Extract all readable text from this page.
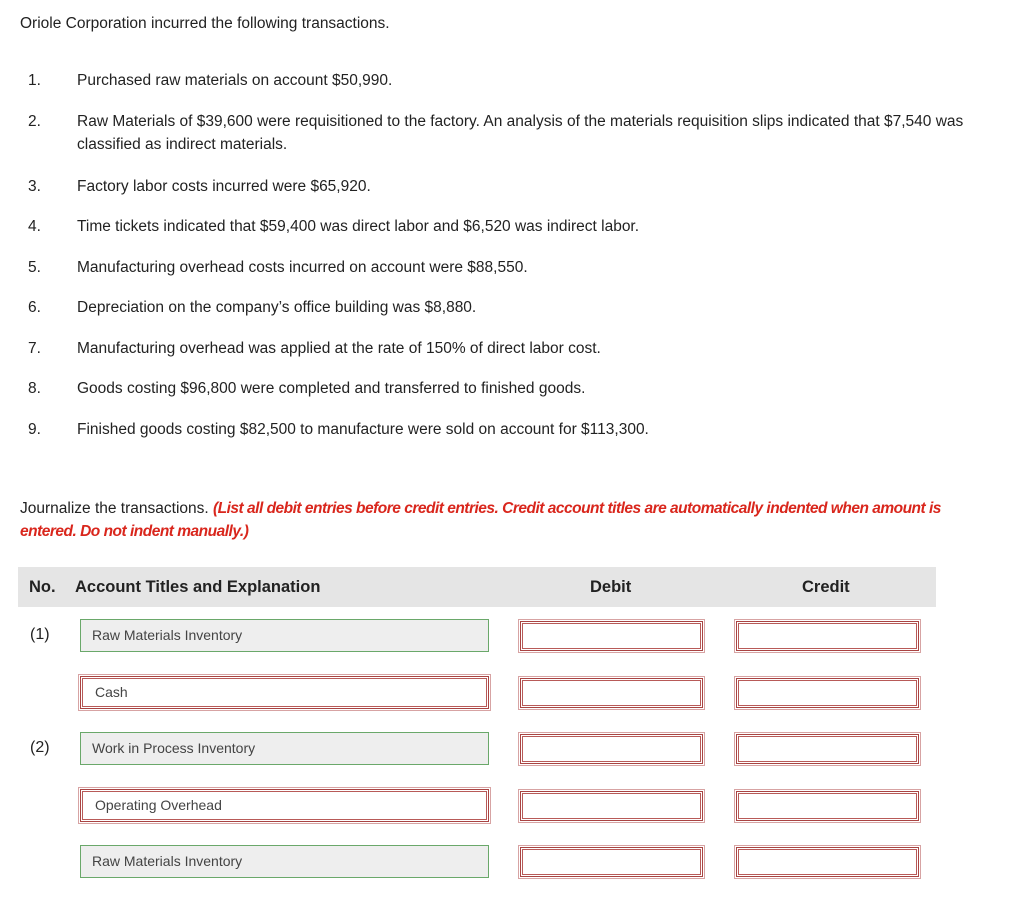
Oriole Corporation incurred the following transactions.
1.	Purchased raw materials on account $50,990.
2.	Raw Materials of $39,600 were requisitioned to the factory. An analysis of the materials requisition slips indicated that $7,540 was classified as indirect materials.
3.	Factory labor costs incurred were $65,920.
4.	Time tickets indicated that $59,400 was direct labor and $6,520 was indirect labor.
5.	Manufacturing overhead costs incurred on account were $88,550.
6.	Depreciation on the company’s office building was $8,880.
7.	Manufacturing overhead was applied at the rate of 150% of direct labor cost.
8.	Goods costing $96,800 were completed and transferred to finished goods.
9.	Finished goods costing $82,500 to manufacture were sold on account for $113,300.
Journalize the transactions. (List all debit entries before credit entries. Credit account titles are automatically indented when amount is entered. Do not indent manually.)
No. Account Titles and Explanation	Debit	Credit
(1)	Raw Materials Inventory
Cash
(2)	Work in Process Inventory
Operating Overhead
Raw Materials Inventory
